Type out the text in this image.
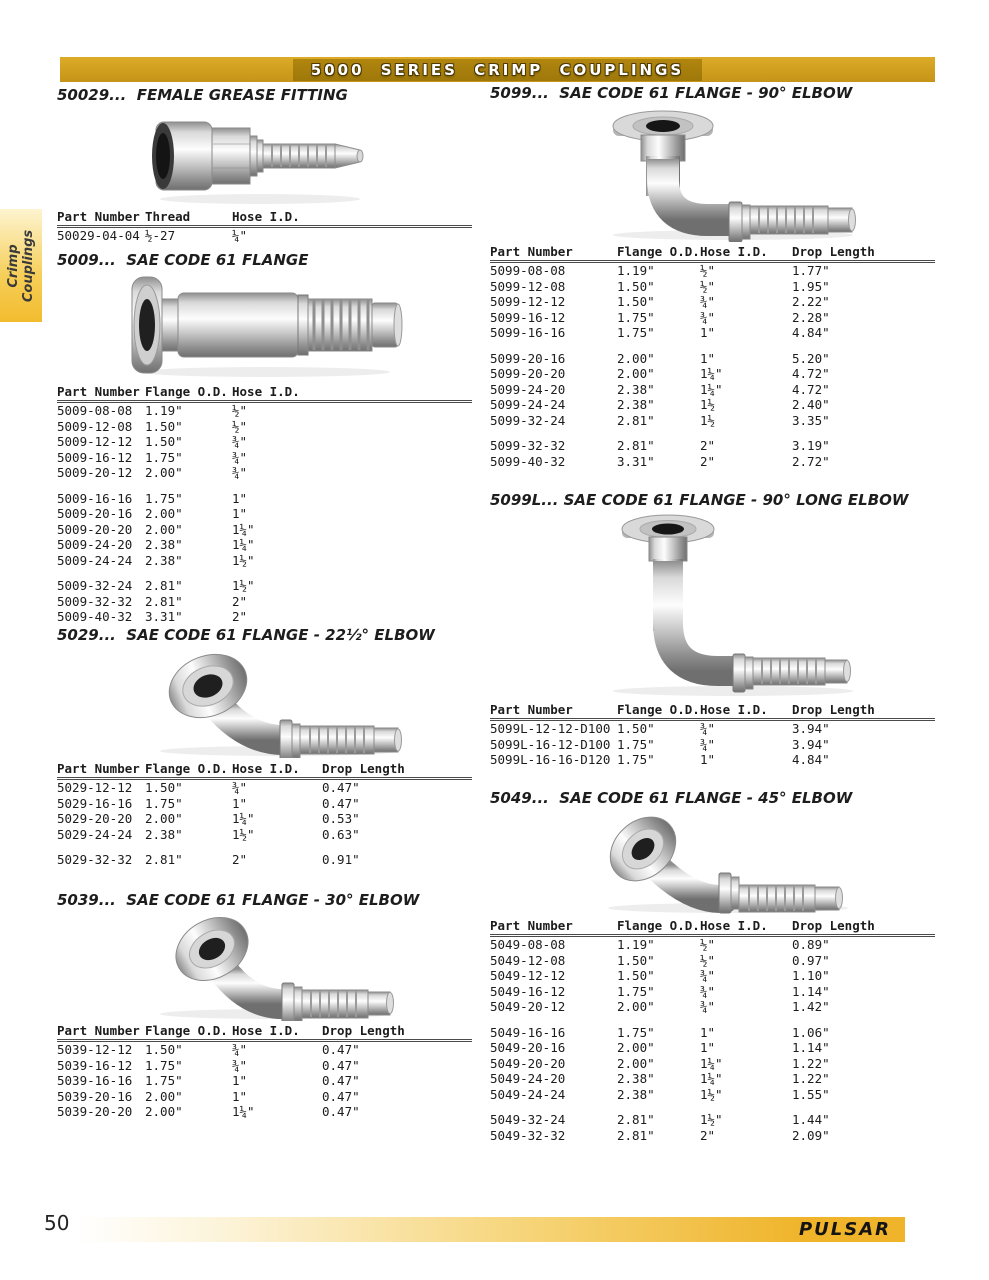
5000 SERIES CRIMP COUPLINGS
Crimp Couplings
50029...  FEMALE GREASE FITTING
Part Number	Thread	Hose I.D.
50029-04-04	½-27	¼"
5009...  SAE CODE 61 FLANGE
Part Number	Flange O.D.	Hose I.D.
5009-08-08	1.19"	½"
5009-12-08	1.50"	½"
5009-12-12	1.50"	¾"
5009-16-12	1.75"	¾"
5009-20-12	2.00"	¾"

5009-16-16	1.75"	1"
5009-20-16	2.00"	1"
5009-20-20	2.00"	1¼"
5009-24-20	2.38"	1¼"
5009-24-24	2.38"	1½"

5009-32-24	2.81"	1½"
5009-32-32	2.81"	2"
5009-40-32	3.31"	2"
5029...  SAE CODE 61 FLANGE - 22½° ELBOW
Part Number	Flange O.D.	Hose I.D.	Drop Length
5029-12-12	1.50"	¾"	0.47"
5029-16-16	1.75"	1"	0.47"
5029-20-20	2.00"	1¼"	0.53"
5029-24-24	2.38"	1½"	0.63"

5029-32-32	2.81"	2"	0.91"
5039...  SAE CODE 61 FLANGE - 30° ELBOW
Part Number	Flange O.D.	Hose I.D.	Drop Length
5039-12-12	1.50"	¾"	0.47"
5039-16-12	1.75"	¾"	0.47"
5039-16-16	1.75"	1"	0.47"
5039-20-16	2.00"	1"	0.47"
5039-20-20	2.00"	1¼"	0.47"
5099...  SAE CODE 61 FLANGE - 90° ELBOW
Part Number	Flange O.D.	Hose I.D.	Drop Length
5099-08-08	1.19"	½"	1.77"
5099-12-08	1.50"	½"	1.95"
5099-12-12	1.50"	¾"	2.22"
5099-16-12	1.75"	¾"	2.28"
5099-16-16	1.75"	1"	4.84"

5099-20-16	2.00"	1"	5.20"
5099-20-20	2.00"	1¼"	4.72"
5099-24-20	2.38"	1¼"	4.72"
5099-24-24	2.38"	1½	2.40"
5099-32-24	2.81"	1½	3.35"

5099-32-32	2.81"	2"	3.19"
5099-40-32	3.31"	2"	2.72"
5099L... SAE CODE 61 FLANGE - 90° LONG ELBOW
Part Number	Flange O.D.	Hose I.D.	Drop Length
5099L-12-12-D100	1.50"	¾"	3.94"
5099L-16-12-D100	1.75"	¾"	3.94"
5099L-16-16-D120	1.75"	1"	4.84"
5049...  SAE CODE 61 FLANGE - 45° ELBOW
Part Number	Flange O.D.	Hose I.D.	Drop Length
5049-08-08	1.19"	½"	0.89"
5049-12-08	1.50"	½"	0.97"
5049-12-12	1.50"	¾"	1.10"
5049-16-12	1.75"	¾"	1.14"
5049-20-12	2.00"	¾"	1.42"

5049-16-16	1.75"	1"	1.06"
5049-20-16	2.00"	1"	1.14"
5049-20-20	2.00"	1¼"	1.22"
5049-24-20	2.38"	1¼"	1.22"
5049-24-24	2.38"	1½"	1.55"

5049-32-24	2.81"	1½"	1.44"
5049-32-32	2.81"	2"	2.09"
50	PULSAR
